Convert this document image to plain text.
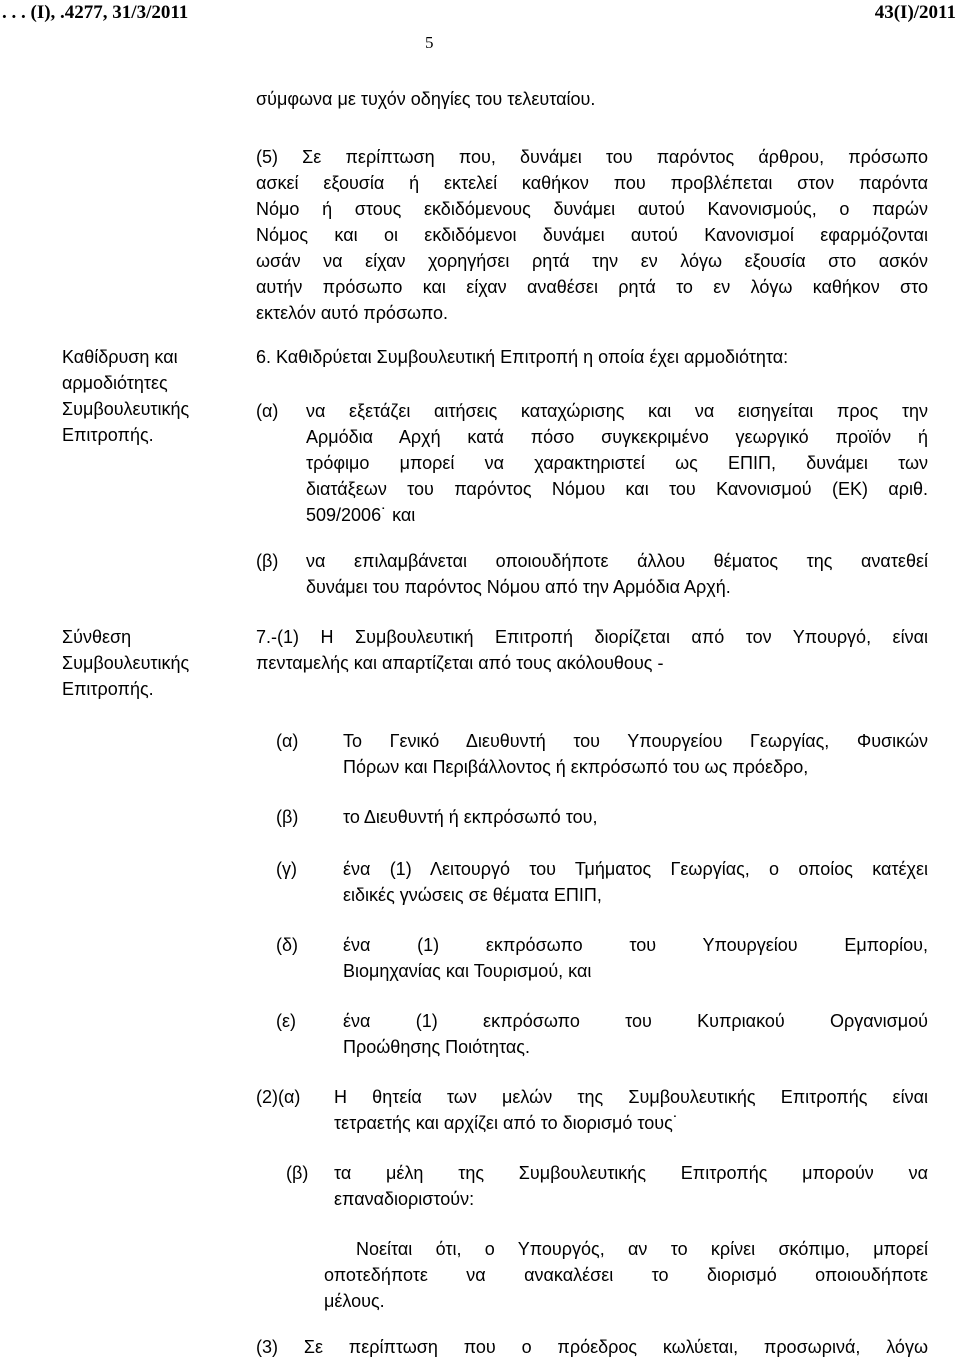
. . . (Ι), .4277, 31/3/2011	43(Ι)/2011
5
σύμφωνα με τυχόν οδηγίες του τελευταίου.
(5) Σε περίπτωση που, δυνάμει του παρόντος άρθρου, πρόσωπο
ασκεί εξουσία ή εκτελεί καθήκον που προβλέπεται στον παρόντα
Νόμο ή στους εκδιδόμενους δυνάμει αυτού Κανονισμούς, ο παρών
Νόμος και οι εκδιδόμενοι δυνάμει αυτού Κανονισμοί εφαρμόζονται
ωσάν να είχαν χορηγήσει ρητά την εν λόγω εξουσία στο ασκόν
αυτήν πρόσωπο και είχαν αναθέσει ρητά το εν λόγω καθήκον στο
εκτελόν αυτό πρόσωπο.
Καθίδρυση και
αρμοδιότητες
Συμβουλευτικής
Επιτροπής.
6. Καθιδρύεται Συμβουλευτική Επιτροπή η οποία έχει αρμοδιότητα:
(α) να εξετάζει αιτήσεις καταχώρισης και να εισηγείται προς την
Αρμόδια Αρχή κατά πόσο συγκεκριμένο γεωργικό προϊόν ή
τρόφιμο μπορεί να χαρακτηριστεί ως ΕΠΙΠ, δυνάμει των
διατάξεων του παρόντος Νόμου και του Κανονισμού (ΕΚ) αριθ.
509/2006˙ και
(β) να επιλαμβάνεται οποιουδήποτε άλλου θέματος της ανατεθεί
δυνάμει του παρόντος Νόμου από την Αρμόδια Αρχή.
Σύνθεση
Συμβουλευτικής
Επιτροπής.
7.-(1) Η Συμβουλευτική Επιτροπή διορίζεται από τον Υπουργό, είναι
πενταμελής και απαρτίζεται από τους ακόλουθους -
(α) Το Γενικό Διευθυντή του Υπουργείου Γεωργίας, Φυσικών
Πόρων και Περιβάλλοντος ή εκπρόσωπό του ως πρόεδρο,
(β) το Διευθυντή ή εκπρόσωπό του,
(γ)	ένα (1) Λειτουργό του Τμήματος Γεωργίας, ο οποίος κατέχει
ειδικές γνώσεις σε θέματα ΕΠΙΠ,
(δ) ένα (1) εκπρόσωπο του Υπουργείου Εμπορίου,
Βιομηχανίας και Τουρισμού, και
(ε)	ένα (1) εκπρόσωπο του Κυπριακού Οργανισμού
Προώθησης Ποιότητας.
(2)(α) Η θητεία των μελών της Συμβουλευτικής Επιτροπής είναι
τετραετής και αρχίζει από το διορισμό τους˙
(β) τα μέλη της Συμβουλευτικής Επιτροπής μπορούν να
επαναδιοριστούν:
Νοείται ότι, ο Υπουργός, αν το κρίνει σκόπιμο, μπορεί
οποτεδήποτε να ανακαλέσει το διορισμό οποιουδήποτε
μέλους.
(3) Σε περίπτωση που ο πρόεδρος κωλύεται, προσωρινά, λόγω
